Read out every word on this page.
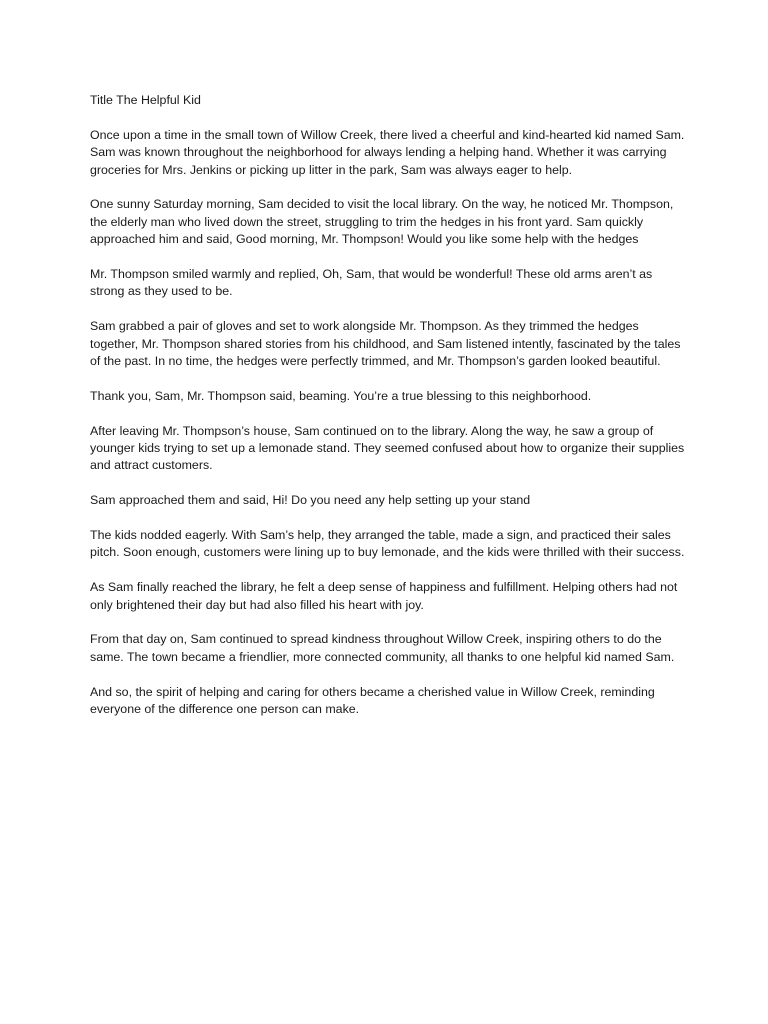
Title The Helpful Kid

Once upon a time in the small town of Willow Creek, there lived a cheerful and kind-hearted kid named Sam. Sam was known throughout the neighborhood for always lending a helping hand. Whether it was carrying groceries for Mrs. Jenkins or picking up litter in the park, Sam was always eager to help.

One sunny Saturday morning, Sam decided to visit the local library. On the way, he noticed Mr. Thompson, the elderly man who lived down the street, struggling to trim the hedges in his front yard. Sam quickly approached him and said, Good morning, Mr. Thompson! Would you like some help with the hedges

Mr. Thompson smiled warmly and replied, Oh, Sam, that would be wonderful! These old arms aren’t as strong as they used to be.

Sam grabbed a pair of gloves and set to work alongside Mr. Thompson. As they trimmed the hedges together, Mr. Thompson shared stories from his childhood, and Sam listened intently, fascinated by the tales of the past. In no time, the hedges were perfectly trimmed, and Mr. Thompson’s garden looked beautiful.

Thank you, Sam, Mr. Thompson said, beaming. You’re a true blessing to this neighborhood.

After leaving Mr. Thompson’s house, Sam continued on to the library. Along the way, he saw a group of younger kids trying to set up a lemonade stand. They seemed confused about how to organize their supplies and attract customers.

Sam approached them and said, Hi! Do you need any help setting up your stand

The kids nodded eagerly. With Sam’s help, they arranged the table, made a sign, and practiced their sales pitch. Soon enough, customers were lining up to buy lemonade, and the kids were thrilled with their success.

As Sam finally reached the library, he felt a deep sense of happiness and fulfillment. Helping others had not only brightened their day but had also filled his heart with joy.

From that day on, Sam continued to spread kindness throughout Willow Creek, inspiring others to do the same. The town became a friendlier, more connected community, all thanks to one helpful kid named Sam.

And so, the spirit of helping and caring for others became a cherished value in Willow Creek, reminding everyone of the difference one person can make.
